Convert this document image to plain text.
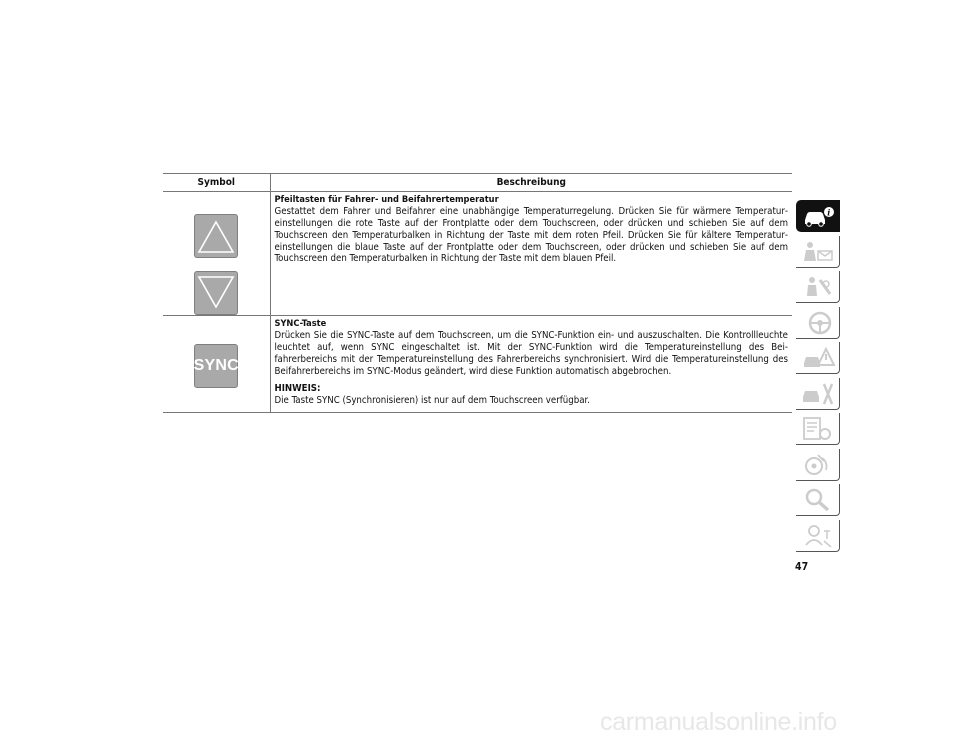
Symbol	Beschreibung

Pfeiltasten für Fahrer- und Beifahrertemperatur
Gestattet dem Fahrer und Beifahrer eine unabhängige Temperaturregelung. Drücken Sie für wärmere Temperatureinstellungen die rote Taste auf der Frontplatte oder dem Touchscreen, oder drücken und schieben Sie auf dem Touchscreen den Temperaturbalken in Richtung der Taste mit dem roten Pfeil. Drücken Sie für kältere Temperatureinstellungen die blaue Taste auf der Frontplatte oder dem Touchscreen, oder drücken und schieben Sie auf dem Touchscreen den Temperaturbalken in Richtung der Taste mit dem blauen Pfeil.

SYNC	SYNC-Taste
Drücken Sie die SYNC-Taste auf dem Touchscreen, um die SYNC-Funktion ein- und auszuschalten. Die Kontrollleuchte leuchtet auf, wenn SYNC eingeschaltet ist. Mit der SYNC-Funktion wird die Temperatureinstellung des Beifahrerbereichs mit der Temperatureinstellung des Fahrerbereichs synchronisiert. Wird die Temperatureinstellung des Beifahrerbereichs im SYNC-Modus geändert, wird diese Funktion automatisch abgebrochen.
HINWEIS:
Die Taste SYNC (Synchronisieren) ist nur auf dem Touchscreen verfügbar.
i
47
carmanualsonline.info
